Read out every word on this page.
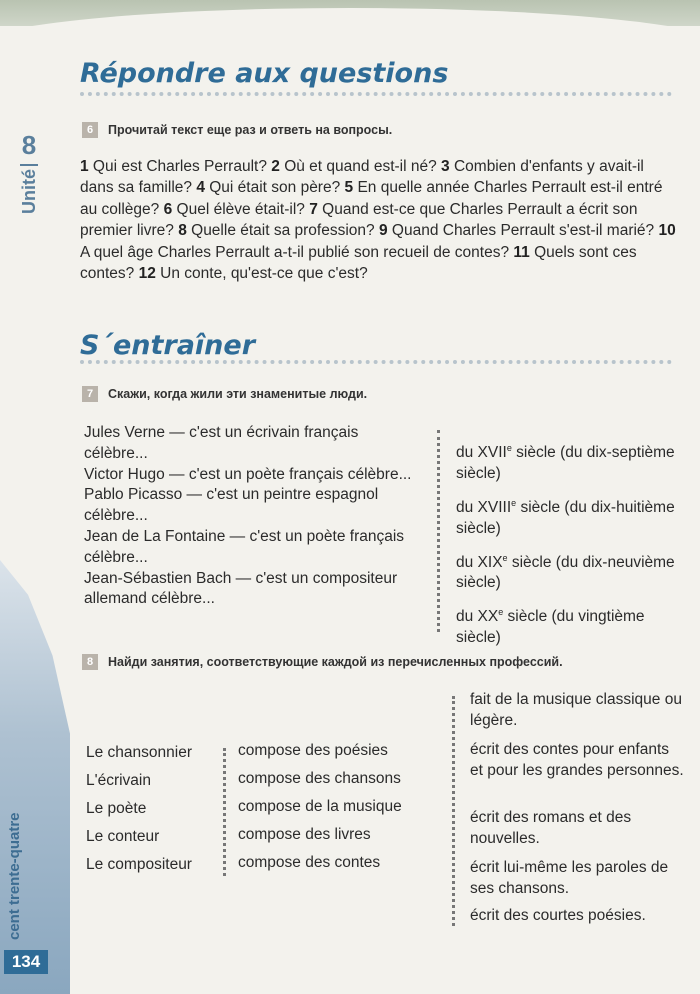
8
Unité
cent trente-quatre
134
Répondre aux questions
6	Прочитай текст еще раз и ответь на вопросы.
1 Qui est Charles Perrault? 2 Où et quand est-il né? 3 Combien d'enfants y avait-il dans sa famille? 4 Qui était son père? 5 En quelle année Charles Perrault est-il entré au collège? 6 Quel élève était-il? 7 Quand est-ce que Charles Perrault a écrit son premier livre? 8 Quelle était sa profession? 9 Quand Charles Perrault s'est-il marié? 10 A quel âge Charles Perrault a-t-il publié son recueil de contes? 11 Quels sont ces contes? 12 Un conte, qu'est-ce que c'est?
S´entraîner
7	Скажи, когда жили эти знаменитые люди.
Jules Verne — c'est un écrivain français célèbre...
Victor Hugo — c'est un poète français célèbre...
Pablo Picasso — c'est un peintre espagnol célèbre...
Jean de La Fontaine — c'est un poète français célèbre...
Jean-Sébastien Bach — c'est un compositeur allemand célèbre...
du XVIIe siècle (du dix-septième siècle)
du XVIIIe siècle (du dix-huitième siècle)
du XIXe siècle (du dix-neuvième siècle)
du XXe siècle (du vingtième siècle)
8	Найди занятия, соответствующие каждой из перечисленных профессий.
Le chansonnier
L'écrivain
Le poète
Le conteur
Le compositeur
compose des poésies
compose des chansons
compose de la musique
compose des livres
compose des contes
fait de la musique classique ou légère.
écrit des contes pour enfants et pour les grandes personnes.
écrit des romans et des nouvelles.
écrit lui-même les paroles de ses chansons.
écrit des courtes poésies.
